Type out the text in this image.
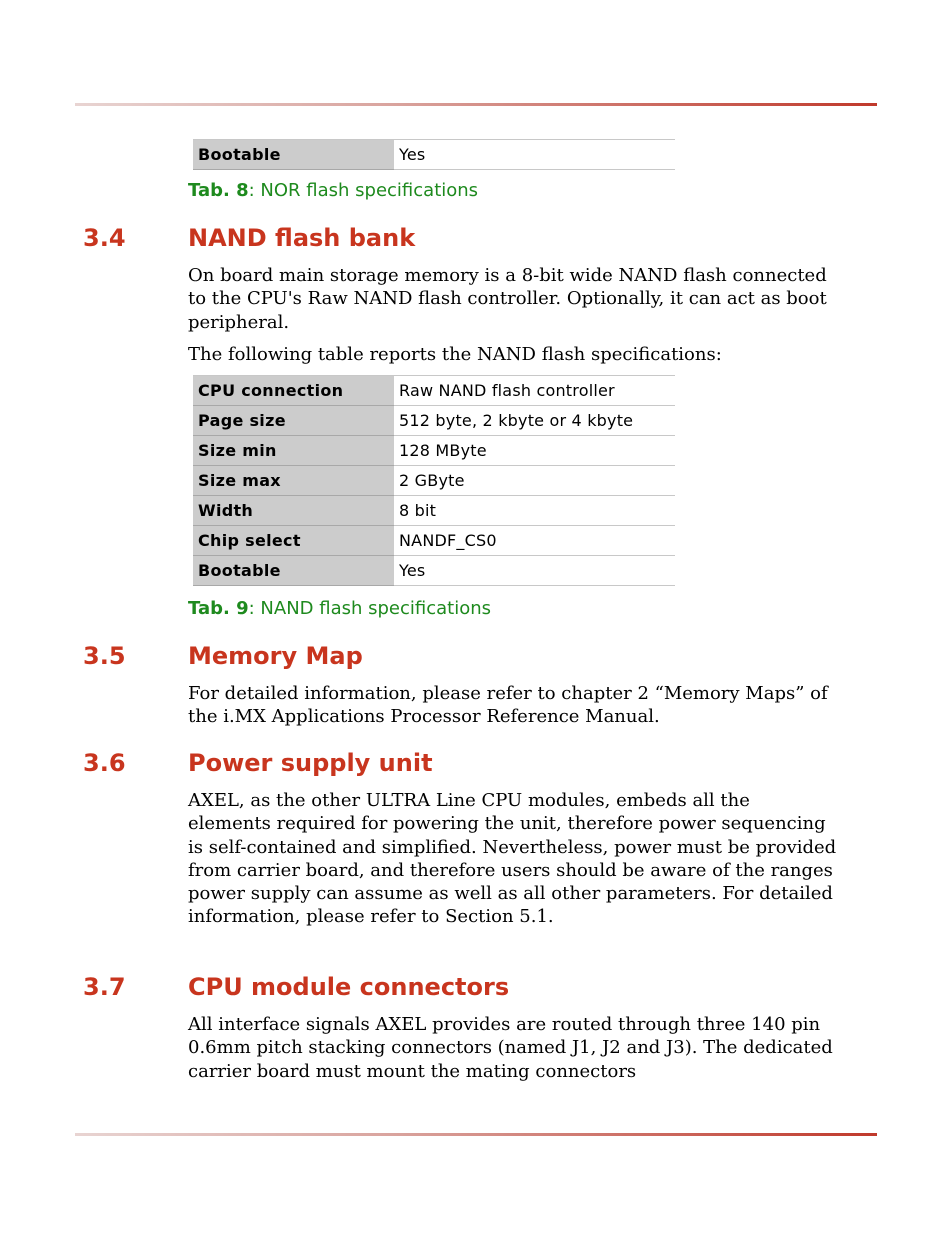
Bootable	Yes
Tab. 8: NOR flash specifications
3.4	NAND flash bank

On board main storage memory is a 8-bit wide NAND flash connected to the CPU's Raw NAND flash controller. Optionally, it can act as boot peripheral.

The following table reports the NAND flash specifications:

CPU connection	Raw NAND flash controller
Page size	512 byte, 2 kbyte or 4 kbyte
Size min	128 MByte
Size max	2 GByte
Width	8 bit
Chip select	NANDF_CS0
Bootable	Yes
Tab. 9: NAND flash specifications
3.5	Memory Map

For detailed information, please refer to chapter 2 “Memory Maps” of the i.MX Applications Processor Reference Manual.

3.6	Power supply unit

AXEL, as the other ULTRA Line CPU modules, embeds all the elements required for powering the unit, therefore power sequencing is self-contained and simplified. Nevertheless, power must be provided from carrier board, and therefore users should be aware of the ranges power supply can assume as well as all other parameters. For detailed information, please refer to Section 5.1.

3.7	CPU module connectors

All interface signals AXEL provides are routed through three 140 pin 0.6mm pitch stacking connectors (named J1, J2 and J3). The dedicated carrier board must mount the mating connectors
